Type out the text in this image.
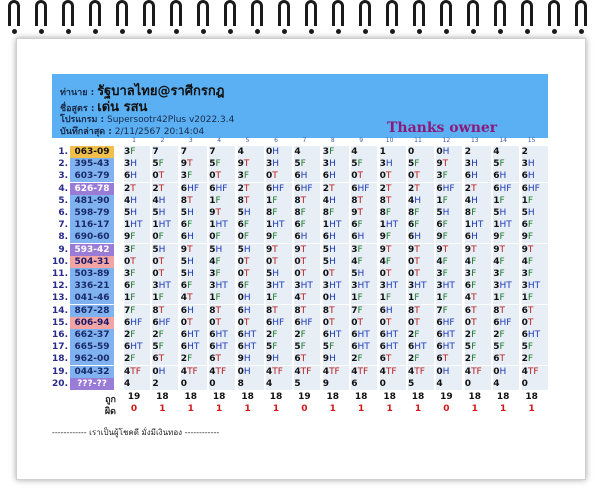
ท่านาย : รัฐบาลไทย@ราศีกรกฎ
ชื่อสูตร : เด่น รสน
โปรแกรม : Supersootr42Plus v2022.3.4
บันทึกล่าสุด : 2/11/2567 20:14:04	Thanks owner
1	2	3	4	5	6	7	8	9	10	11	12	13	14	15
1. 063-09	3F	7	7	7	4	0H	4	3F	4	1	0	0H	2	4	2
2. 395-43	3H	5F	9T	5F	9T	3H	5F	3H	5F	3H	5F	9T	3H	5F	3H
3. 603-79	6H	0T	3F	0T	3F	0T	6H	6H	0T	0T	0T	3F	6H	6H	6H
4. 626-78	2T	2T	6HF	6HF	2T	6HF	6HF	2T	6HF	2T	2T	6HF	2T	6HF	6HF
5. 481-90	4H	4H	8T	1F	8T	1F	8T	4H	8T	8T	4H	1F	4H	1F	1F
6. 598-79	5H	5H	5H	9T	5H	8F	8F	8F	9T	8F	8F	5H	8F	5H	5H
7. 116-17	1HT	1HT	6F	1HT	6F	1HT	6F	1HT	6F	1HT	6F	6F	1HT	1HT	6F
8. 690-60	9F	0F	6H	0F	0F	9F	6H	6H	6H	9F	6H	9F	6H	9F	9F
9. 593-42	3F	5H	9T	5H	5H	9T	9T	5H	3F	9T	9T	9T	9T	9T	9T
10. 504-31	0T	0T	5H	4F	0T	0T	0T	5H	4F	4F	0T	4F	4F	4F	4F
11. 503-89	3F	0T	5H	3F	0T	5H	0T	0T	5H	0T	0T	3F	3F	3F	3F
12. 336-21	6F	3HT	6F	3HT	6F	3HT	3HT	3HT	3HT	3HT	3HT	3HT	6F	3HT	3HT
13. 041-46	1F	1F	4T	1F	0H	1F	4T	0H	1F	1F	1F	1F	4T	1F	1F
14. 867-28	7F	8T	6H	8T	6H	8T	8T	8T	7F	6H	8T	7F	6T	8T	6T
15. 606-94	6HF	6HF	0T	0T	0T	6HF	6HF	0T	0T	0T	0T	6HF	0T	6HF	0T
16. 662-37	2F	2F	6HT	6HT	6HT	2F	2F	6HT	6HT	6HT	2F	6HT	2F	2F	6HT
17. 665-59	6HT	5F	6HT	6HT	6HT	5F	5F	5F	6HT	6HT	6HT	6HT	5F	5F	5F
18. 962-00	2F	6T	2F	6T	9H	9H	6T	9H	2F	6T	2F	6T	2F	6T	2F
19. 044-32	4TF	0H	4TF	4TF	0H	4TF	4TF	4TF	4TF	4TF	4TF	0H	4TF	0H	4TF
20.	???-??	4	2	0	0	8	4	5	9	6	0	5	4	0	4	0
ถูก
ผิด
19	18	18	18	18	18	19	18	18	18	18	19	18	18	18
0	1	1	1	1	1	0	1	1	1	1	0	1	1	1
------------ เราเป็นผู้โชคดี มั่งมีเงินทอง ------------
